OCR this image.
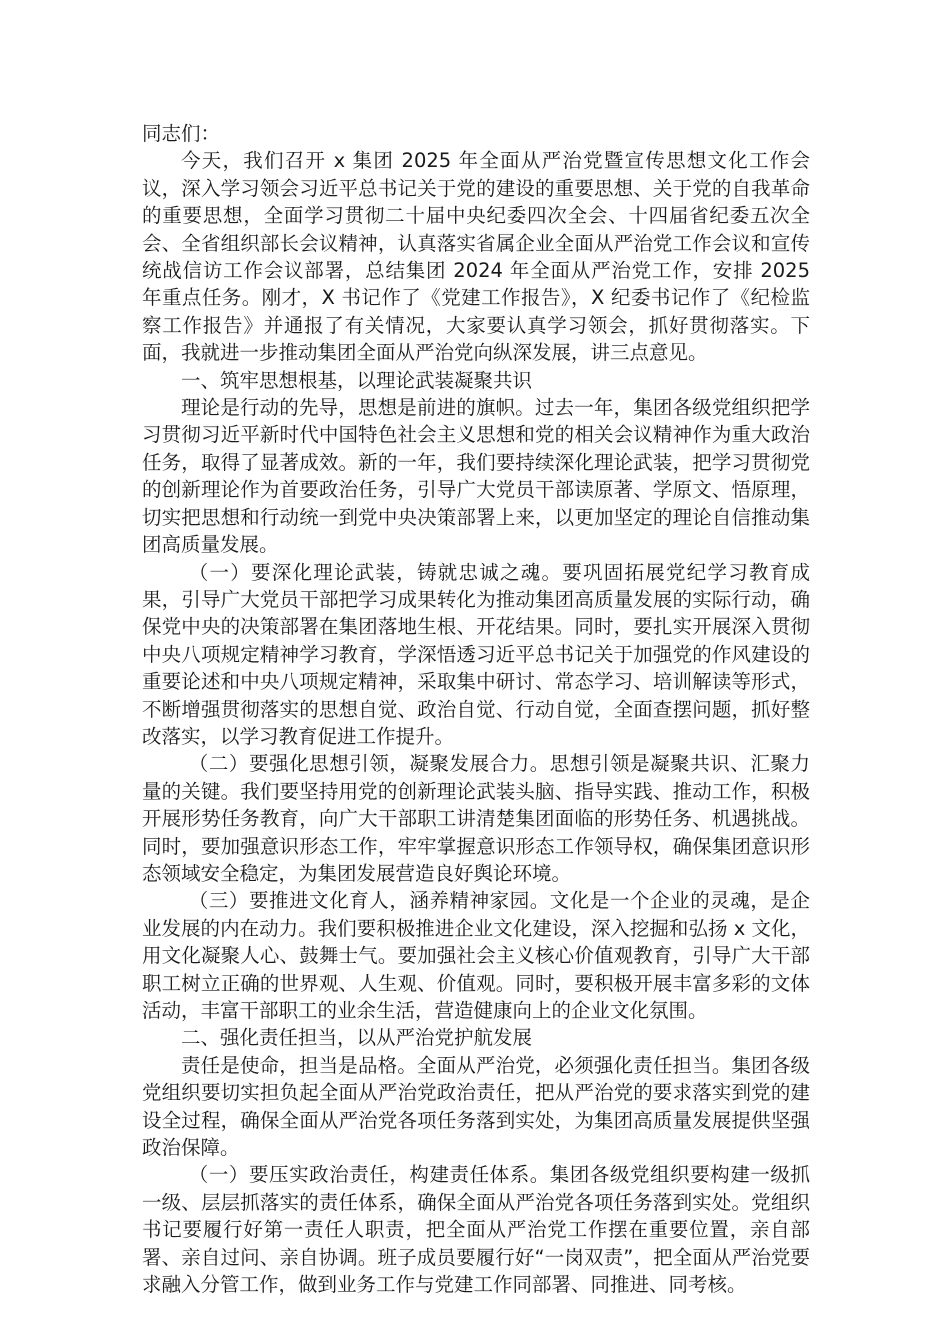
同志们：

今天，我们召开 x 集团 2025 年全面从严治党暨宣传思想文化工作会议，深入学习领会习近平总书记关于党的建设的重要思想、关于党的自我革命的重要思想，全面学习贯彻二十届中央纪委四次全会、十四届省纪委五次全会、全省组织部长会议精神，认真落实省属企业全面从严治党工作会议和宣传统战信访工作会议部署，总结集团 2024 年全面从严治党工作，安排 2025 年重点任务。刚才，X 书记作了《党建工作报告》，X 纪委书记作了《纪检监察工作报告》并通报了有关情况，大家要认真学习领会，抓好贯彻落实。下面，我就进一步推动集团全面从严治党向纵深发展，讲三点意见。

一、筑牢思想根基，以理论武装凝聚共识

理论是行动的先导，思想是前进的旗帜。过去一年，集团各级党组织把学习贯彻习近平新时代中国特色社会主义思想和党的相关会议精神作为重大政治任务，取得了显著成效。新的一年，我们要持续深化理论武装，把学习贯彻党的创新理论作为首要政治任务，引导广大党员干部读原著、学原文、悟原理，切实把思想和行动统一到党中央决策部署上来，以更加坚定的理论自信推动集团高质量发展。

（一）要深化理论武装，铸就忠诚之魂。要巩固拓展党纪学习教育成果，引导广大党员干部把学习成果转化为推动集团高质量发展的实际行动，确保党中央的决策部署在集团落地生根、开花结果。同时，要扎实开展深入贯彻中央八项规定精神学习教育，学深悟透习近平总书记关于加强党的作风建设的重要论述和中央八项规定精神，采取集中研讨、常态学习、培训解读等形式，不断增强贯彻落实的思想自觉、政治自觉、行动自觉，全面查摆问题，抓好整改落实，以学习教育促进工作提升。

（二）要强化思想引领，凝聚发展合力。思想引领是凝聚共识、汇聚力量的关键。我们要坚持用党的创新理论武装头脑、指导实践、推动工作，积极开展形势任务教育，向广大干部职工讲清楚集团面临的形势任务、机遇挑战。同时，要加强意识形态工作，牢牢掌握意识形态工作领导权，确保集团意识形态领域安全稳定，为集团发展营造良好舆论环境。

（三）要推进文化育人，涵养精神家园。文化是一个企业的灵魂，是企业发展的内在动力。我们要积极推进企业文化建设，深入挖掘和弘扬 x 文化，用文化凝聚人心、鼓舞士气。要加强社会主义核心价值观教育，引导广大干部职工树立正确的世界观、人生观、价值观。同时，要积极开展丰富多彩的文体活动，丰富干部职工的业余生活，营造健康向上的企业文化氛围。

二、强化责任担当，以从严治党护航发展

责任是使命，担当是品格。全面从严治党，必须强化责任担当。集团各级党组织要切实担负起全面从严治党政治责任，把从严治党的要求落实到党的建设全过程，确保全面从严治党各项任务落到实处，为集团高质量发展提供坚强政治保障。

（一）要压实政治责任，构建责任体系。集团各级党组织要构建一级抓一级、层层抓落实的责任体系，确保全面从严治党各项任务落到实处。党组织书记要履行好第一责任人职责，把全面从严治党工作摆在重要位置，亲自部署、亲自过问、亲自协调。班子成员要履行好“一岗双责”，把全面从严治党要求融入分管工作，做到业务工作与党建工作同部署、同推进、同考核。
